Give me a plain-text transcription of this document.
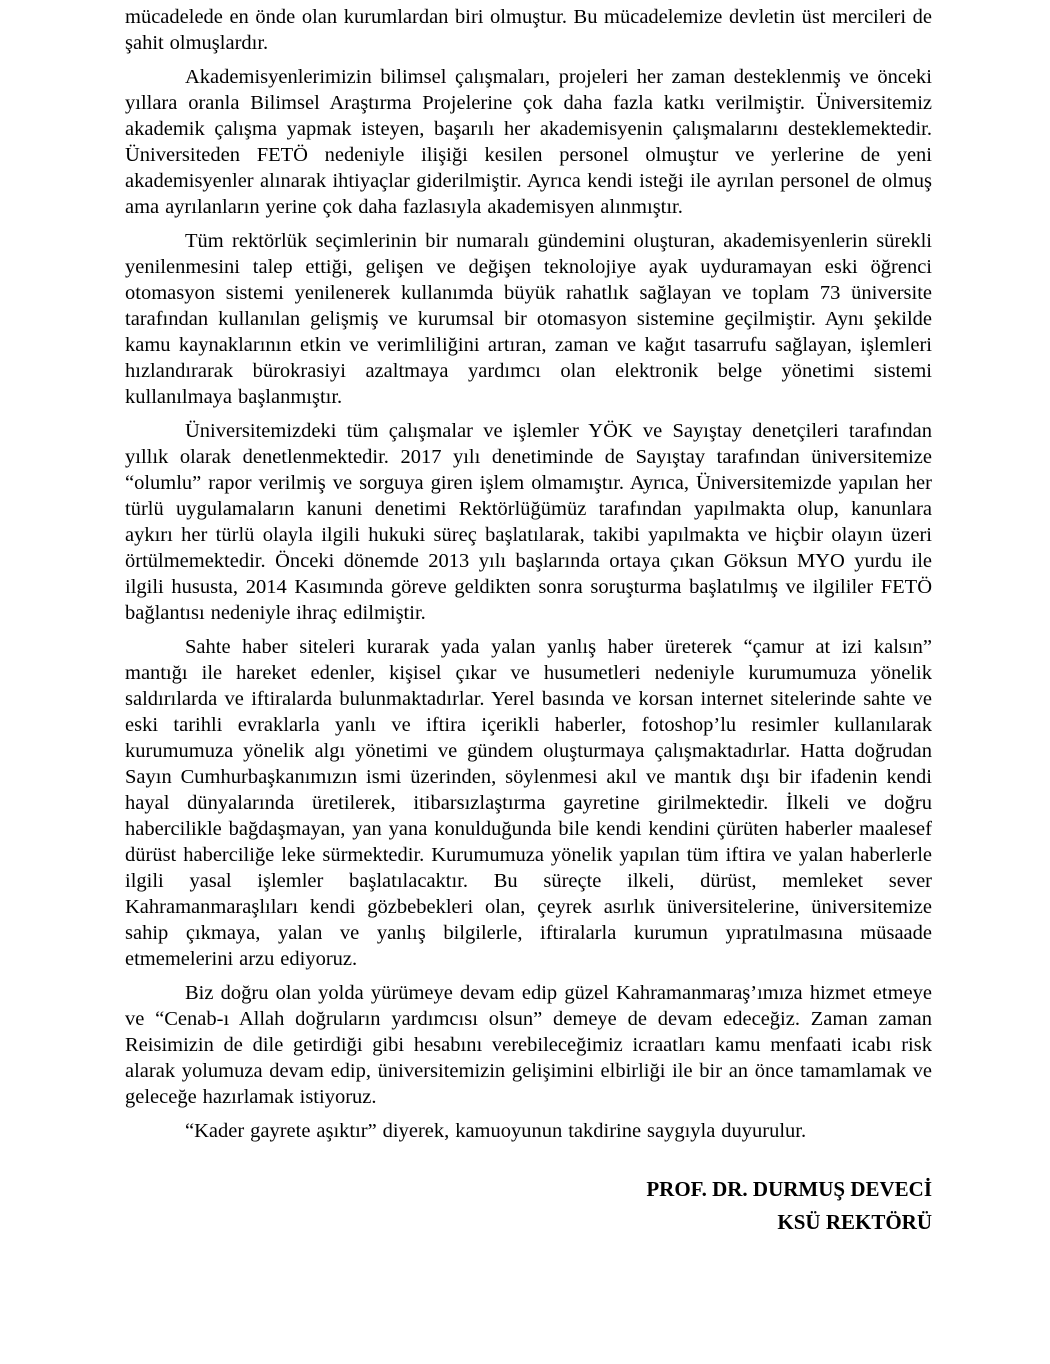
mücadelede en önde olan kurumlardan biri olmuştur. Bu mücadelemize devletin üst mercileri de şahit olmuşlardır.

Akademisyenlerimizin bilimsel çalışmaları, projeleri her zaman desteklenmiş ve önceki yıllara oranla Bilimsel Araştırma Projelerine çok daha fazla katkı verilmiştir. Üniversitemiz akademik çalışma yapmak isteyen, başarılı her akademisyenin çalışmalarını desteklemektedir. Üniversiteden FETÖ nedeniyle ilişiği kesilen personel olmuştur ve yerlerine de yeni akademisyenler alınarak ihtiyaçlar giderilmiştir. Ayrıca kendi isteği ile ayrılan personel de olmuş ama ayrılanların yerine çok daha fazlasıyla akademisyen alınmıştır.

Tüm rektörlük seçimlerinin bir numaralı gündemini oluşturan, akademisyenlerin sürekli yenilenmesini talep ettiği, gelişen ve değişen teknolojiye ayak uyduramayan eski öğrenci otomasyon sistemi yenilenerek kullanımda büyük rahatlık sağlayan ve toplam 73 üniversite tarafından kullanılan gelişmiş ve kurumsal bir otomasyon sistemine geçilmiştir. Aynı şekilde kamu kaynaklarının etkin ve verimliliğini artıran, zaman ve kağıt tasarrufu sağlayan, işlemleri hızlandırarak bürokrasiyi azaltmaya yardımcı olan elektronik belge yönetimi sistemi kullanılmaya başlanmıştır.

Üniversitemizdeki tüm çalışmalar ve işlemler YÖK ve Sayıştay denetçileri tarafından yıllık olarak denetlenmektedir. 2017 yılı denetiminde de Sayıştay tarafından üniversitemize “olumlu” rapor verilmiş ve sorguya giren işlem olmamıştır. Ayrıca, Üniversitemizde yapılan her türlü uygulamaların kanuni denetimi Rektörlüğümüz tarafından yapılmakta olup, kanunlara aykırı her türlü olayla ilgili hukuki süreç başlatılarak, takibi yapılmakta ve hiçbir olayın üzeri örtülmemektedir. Önceki dönemde 2013 yılı başlarında ortaya çıkan Göksun MYO yurdu ile ilgili hususta, 2014 Kasımında göreve geldikten sonra soruşturma başlatılmış ve ilgililer FETÖ bağlantısı nedeniyle ihraç edilmiştir.

Sahte haber siteleri kurarak yada yalan yanlış haber üreterek “çamur at izi kalsın” mantığı ile hareket edenler, kişisel çıkar ve husumetleri nedeniyle kurumumuza yönelik saldırılarda ve iftiralarda bulunmaktadırlar. Yerel basında ve korsan internet sitelerinde sahte ve eski tarihli evraklarla yanlı ve iftira içerikli haberler, fotoshop’lu resimler kullanılarak kurumumuza yönelik algı yönetimi ve gündem oluşturmaya çalışmaktadırlar. Hatta doğrudan Sayın Cumhurbaşkanımızın ismi üzerinden, söylenmesi akıl ve mantık dışı bir ifadenin kendi hayal dünyalarında üretilerek, itibarsızlaştırma gayretine girilmektedir. İlkeli ve doğru habercilikle bağdaşmayan, yan yana konulduğunda bile kendi kendini çürüten haberler maalesef dürüst haberciliğe leke sürmektedir. Kurumumuza yönelik yapılan tüm iftira ve yalan haberlerle ilgili yasal işlemler başlatılacaktır. Bu süreçte ilkeli, dürüst, memleket sever Kahramanmaraşlıları kendi gözbebekleri olan, çeyrek asırlık üniversitelerine, üniversitemize sahip çıkmaya, yalan ve yanlış bilgilerle, iftiralarla kurumun yıpratılmasına müsaade etmemelerini arzu ediyoruz.

Biz doğru olan yolda yürümeye devam edip güzel Kahramanmaraş’ımıza hizmet etmeye ve “Cenab-ı Allah doğruların yardımcısı olsun” demeye de devam edeceğiz. Zaman zaman Reisimizin de dile getirdiği gibi hesabını verebileceğimiz icraatları kamu menfaati icabı risk alarak yolumuza devam edip, üniversitemizin gelişimini elbirliği ile bir an önce tamamlamak ve geleceğe hazırlamak istiyoruz.

“Kader gayrete aşıktır” diyerek, kamuoyunun takdirine saygıyla duyurulur.

PROF. DR. DURMUŞ DEVECİ

KSÜ REKTÖRÜ
